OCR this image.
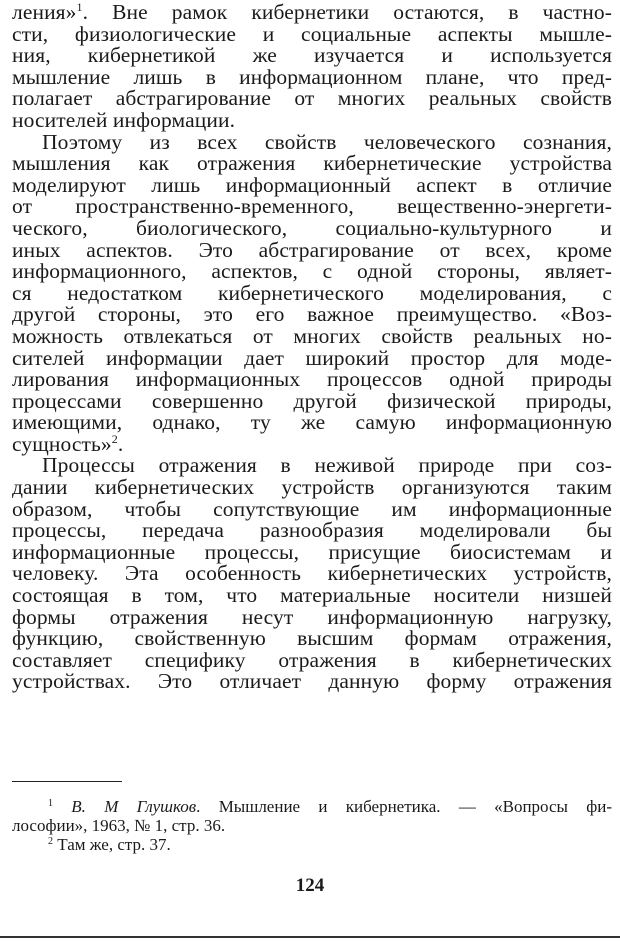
ления»$^1$. Вне рамок кибернетики остаются, в частно-
сти, физиологические и социальные аспекты мышле-
ния, кибернетикой же изучается и используется
мышление лишь в информационном плане, что пред-
полагает абстрагирование от многих реальных свойств
носителей информации.
Поэтому из всех свойств человеческого сознания,
мышления как отражения кибернетические устройства
моделируют лишь информационный аспект в отличие
от пространственно-временного, вещественно-энергети-
ческого, биологического, социально-культурного и
иных аспектов. Это абстрагирование от всех, кроме
информационного, аспектов, с одной стороны, являет-
ся недостатком кибернетического моделирования, с
другой стороны, это его важное преимущество. «Воз-
можность отвлекаться от многих свойств реальных но-
сителей информации дает широкий простор для моде-
лирования информационных процессов одной природы
процессами совершенно другой физической природы,
имеющими, однако, ту же самую информационную
сущность»$^2$.
Процессы отражения в неживой природе при соз-
дании кибернетических устройств организуются таким
образом, чтобы сопутствующие им информационные
процессы, передача разнообразия моделировали бы
информационные процессы, присущие биосистемам и
человеку. Эта особенность кибернетических устройств,
состоящая в том, что материальные носители низшей
формы отражения несут информационную нагрузку,
функцию, свойственную высшим формам отражения,
составляет специфику отражения в кибернетических
устройствах. Это отличает данную форму отражения
$^1$ В. М Глушков. Мышление и кибернетика. — «Вопросы фи-
лософии», 1963, № 1, стр. 36.
$^2$ Там же, стр. 37.
124
